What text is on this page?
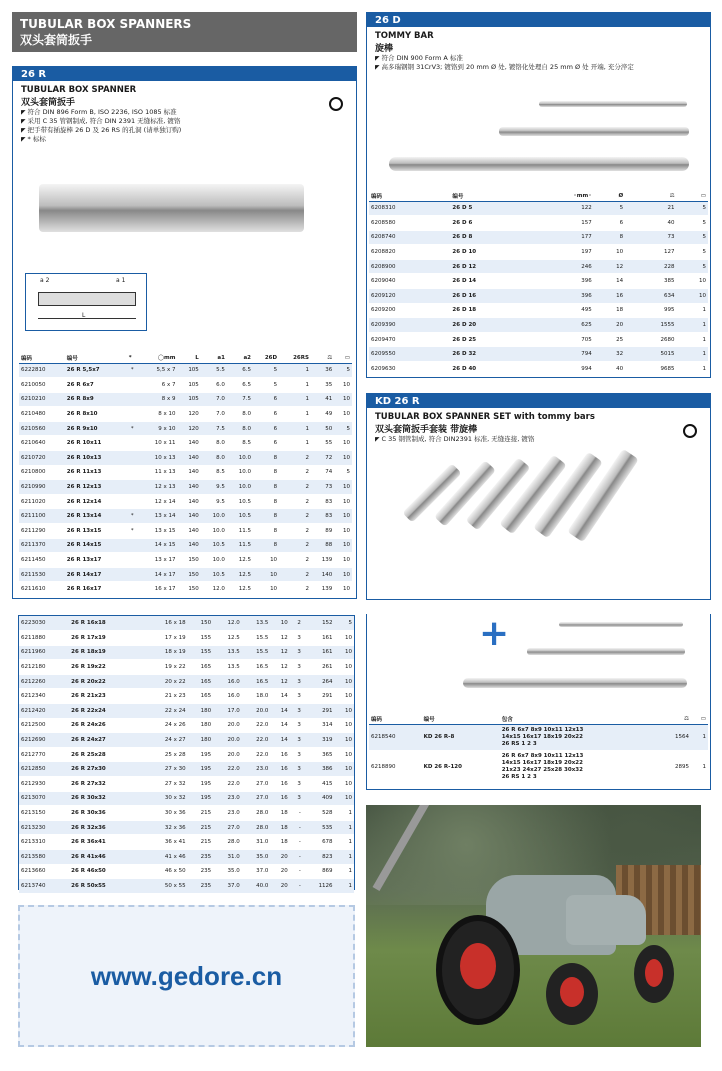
TUBULAR BOX SPANNERS
双头套筒扳手
26 R
TUBULAR BOX SPANNER
双头套筒扳手
◤ 符合 DIN 896 Form B, ISO 2236, ISO 1085 标准
◤ 采用 C 35 管钢制成, 符合 DIN 2391 无缝标准, 镀铬
◤ 把手带有插旋棒 26 D 及 26 RS 的孔洞 (请单独订购)
◤ * 标标
a 2	a 1
L
编码	编号	*	◯mm	L	a1	a2	26D	26RS	⚖	▭
6222810	26 R 5,5x7	*	5,5 x 7	105	5.5	6.5	5	1	36	5
6210050	26 R 6x7		6 x 7	105	6.0	6.5	5	1	35	10
6210210	26 R 8x9		8 x 9	105	7.0	7.5	6	1	41	10
6210480	26 R 8x10		8 x 10	120	7.0	8.0	6	1	49	10
6210560	26 R 9x10	*	9 x 10	120	7.5	8.0	6	1	50	5
6210640	26 R 10x11		10 x 11	140	8.0	8.5	6	1	55	10
6210720	26 R 10x13		10 x 13	140	8.0	10.0	8	2	72	10
6210800	26 R 11x13		11 x 13	140	8.5	10.0	8	2	74	5
6210990	26 R 12x13		12 x 13	140	9.5	10.0	8	2	73	10
6211020	26 R 12x14		12 x 14	140	9.5	10.5	8	2	83	10
6211100	26 R 13x14	*	13 x 14	140	10.0	10.5	8	2	83	10
6211290	26 R 13x15	*	13 x 15	140	10.0	11.5	8	2	89	10
6211370	26 R 14x15		14 x 15	140	10.5	11.5	8	2	88	10
6211450	26 R 13x17		13 x 17	150	10.0	12.5	10	2	139	10
6211530	26 R 14x17		14 x 17	150	10.5	12.5	10	2	140	10
6211610	26 R 16x17		16 x 17	150	12.0	12.5	10	2	139	10
6223030	26 R 16x18		16 x 18	150	12.0	13.5	10	2	152	5
6211880	26 R 17x19		17 x 19	155	12.5	15.5	12	3	161	10
6211960	26 R 18x19		18 x 19	155	13.5	15.5	12	3	161	10
6212180	26 R 19x22		19 x 22	165	13.5	16.5	12	3	261	10
6212260	26 R 20x22		20 x 22	165	16.0	16.5	12	3	264	10
6212340	26 R 21x23		21 x 23	165	16.0	18.0	14	3	291	10
6212420	26 R 22x24		22 x 24	180	17.0	20.0	14	3	291	10
6212500	26 R 24x26		24 x 26	180	20.0	22.0	14	3	314	10
6212690	26 R 24x27		24 x 27	180	20.0	22.0	14	3	319	10
6212770	26 R 25x28		25 x 28	195	20.0	22.0	16	3	365	10
6212850	26 R 27x30		27 x 30	195	22.0	23.0	16	3	386	10
6212930	26 R 27x32		27 x 32	195	22.0	27.0	16	3	415	10
6213070	26 R 30x32		30 x 32	195	23.0	27.0	16	3	409	10
6213150	26 R 30x36		30 x 36	215	23.0	28.0	18	-	528	1
6213230	26 R 32x36		32 x 36	215	27.0	28.0	18	-	535	1
6213310	26 R 36x41		36 x 41	215	28.0	31.0	18	-	678	1
6213580	26 R 41x46		41 x 46	235	31.0	35.0	20	-	823	1
6213660	26 R 46x50		46 x 50	235	35.0	37.0	20	-	869	1
6213740	26 R 50x55		50 x 55	235	37.0	40.0	20	-	1126	1
www.gedore.cn
26 D
TOMMY BAR
旋棒
◤ 符合 DIN 900 Form A 标准
◤ 高多瑞钢钢 31CrV3; 镀铬到 20 mm Ø 处, 镀铬化处理自 25 mm Ø 处 开端, 充分淬定
编码	编号	◦mm◦	Ø	⚖	▭
6208310	26 D 5	122	5	21	5
6208580	26 D 6	157	6	40	5
6208740	26 D 8	177	8	73	5
6208820	26 D 10	197	10	127	5
6208900	26 D 12	246	12	228	5
6209040	26 D 14	396	14	385	10
6209120	26 D 16	396	16	634	10
6209200	26 D 18	495	18	995	1
6209390	26 D 20	625	20	1555	1
6209470	26 D 25	705	25	2680	1
6209550	26 D 32	794	32	5015	1
6209630	26 D 40	994	40	9685	1
KD 26 R
TUBULAR BOX SPANNER SET with tommy bars
双头套筒扳手套装 带旋棒
◤ C 35 钢管制成, 符合 DIN2391 标准, 无缝连接, 镀铬
+
编码	编号	包含	⚖	▭
6218540	KD 26 R-8	26 R 6x7 8x9 10x11 12x13
14x15 16x17 18x19 20x22
26 RS 1 2 3	1564	1
6218890	KD 26 R-120	26 R 6x7 8x9 10x11 12x13
14x15 16x17 18x19 20x22
21x23 24x27 25x28 30x32
26 RS 1 2 3	2895	1
